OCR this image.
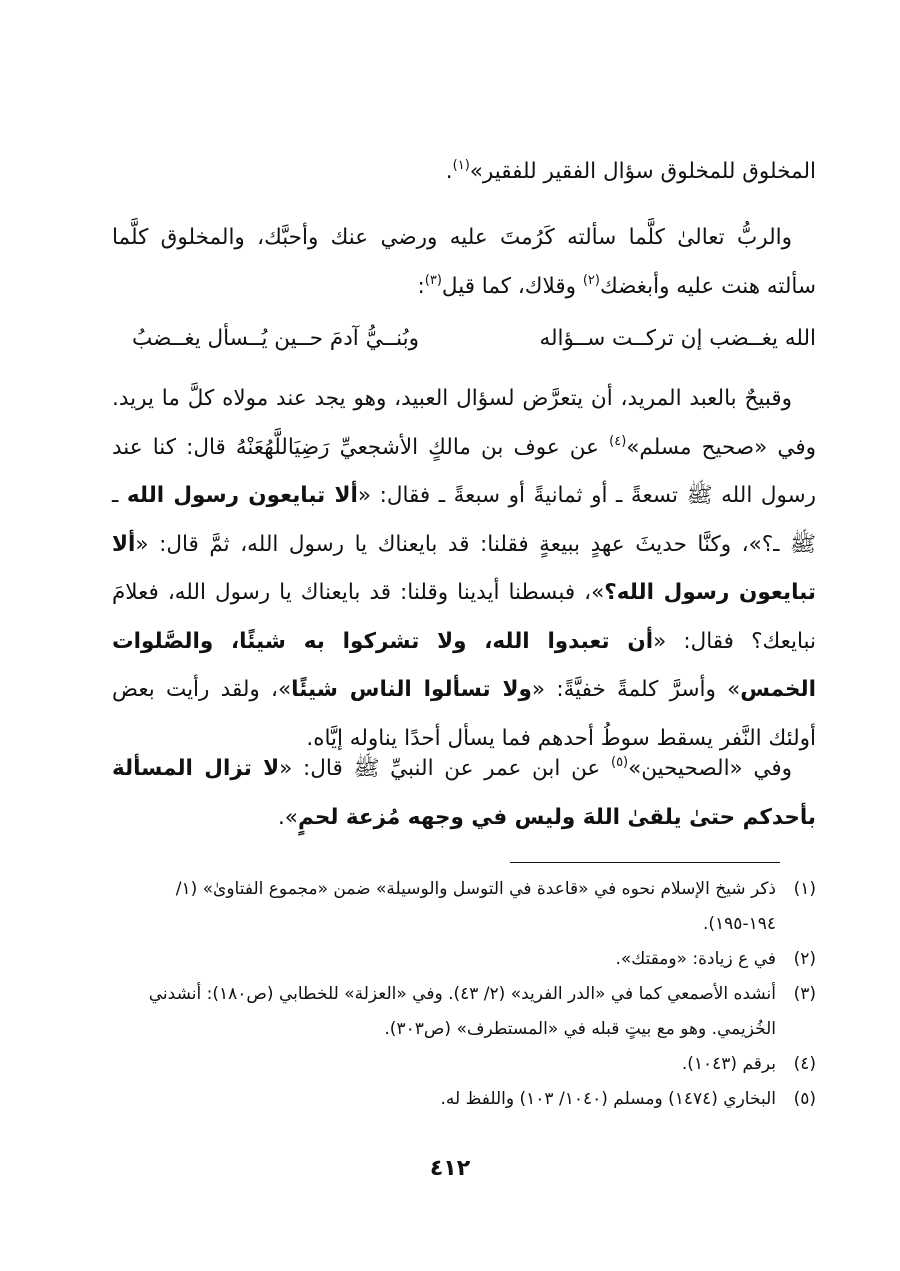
المخلوق للمخلوق سؤال الفقير للفقير»$^{(١)}$.

والربُّ تعالىٰ كلَّما سألته كَرُمتَ عليه ورضي عنك وأحبَّك، والمخلوق كلَّما سألته هنت عليه وأبغضك$^{(٢)}$ وقلاك، كما قيل$^{(٣)}$:

الله يغــضب إن تركــت ســؤاله
وبُنــيُّ آدمَ حــين يُــسأل يغــضبُ

وقبيحٌ بالعبد المريد، أن يتعرَّض لسؤال العبيد، وهو يجد عند مولاه كلَّ ما يريد. وفي «صحيح مسلم»$^{(٤)}$ عن عوف بن مالكٍ الأشجعيِّ رَضِيَاللَّهُعَنْهُ قال: كنا عند رسول الله ﷺ تسعةً ـ أو ثمانيةً أو سبعةً ـ فقال: «ألا تبايعون رسول الله ـ ﷺ ـ؟»، وكنَّا حديثَ عهدٍ ببيعةٍ فقلنا: قد بايعناك يا رسول الله، ثمَّ قال: «ألا تبايعون رسول الله؟»، فبسطنا أيدينا وقلنا: قد بايعناك يا رسول الله، فعلامَ نبايعك؟ فقال: «أن تعبدوا الله، ولا تشركوا به شيئًا، والصَّلوات الخمس» وأسرَّ كلمةً خفيَّةً: «ولا تسألوا الناس شيئًا»، ولقد رأيت بعض أولئك النَّفر يسقط سوطُ أحدهم فما يسأل أحدًا يناوله إيَّاه.

وفي «الصحيحين»$^{(٥)}$ عن ابن عمر عن النبيِّ ﷺ قال: «لا تزال المسألة بأحدكم حتىٰ يلقىٰ اللهَ وليس في وجهه مُزعة لحمٍ».

(١)
ذكر شيخ الإسلام نحوه في «قاعدة في التوسل والوسيلة» ضمن «مجموع الفتاوىٰ» (١/ ١٩٤-١٩٥).
(٢)
في ع زيادة: «ومقتك».
(٣)
أنشده الأصمعي كما في «الدر الفريد» (٢/ ٤٣). وفي «العزلة» للخطابي (ص١٨٠): أنشدني الخُزيمي. وهو مع بيتٍ قبله في «المستطرف» (ص٣٠٣).
(٤)
برقم (١٠٤٣).
(٥)
البخاري (١٤٧٤) ومسلم (١٠٤٠/ ١٠٣) واللفظ له.
٤١٢
